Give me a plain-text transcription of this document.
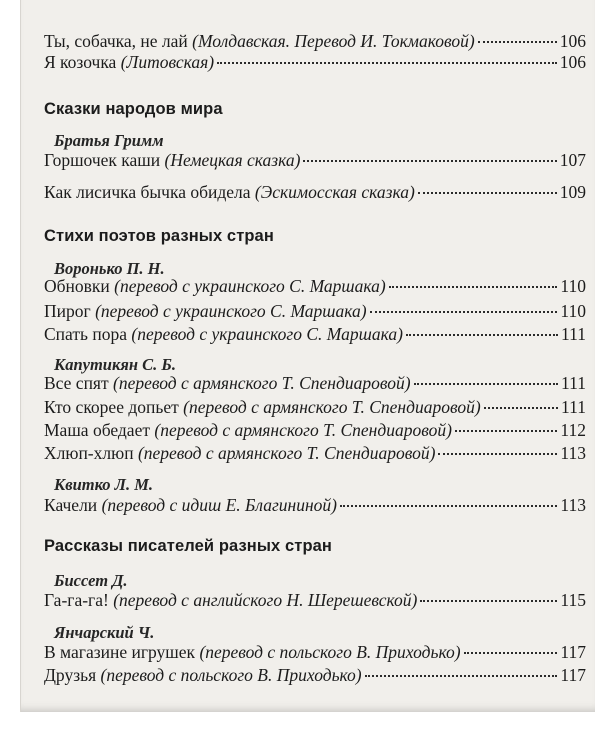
Ты, собачка, не лай (Молдавская. Перевод И. Токмаковой)	106
Я козочка (Литовская)	106
Сказки народов мира
Братья Гримм
Горшочек каши (Немецкая сказка)	107
Как лисичка бычка обидела (Эскимосская сказка)	109
Стихи поэтов разных стран
Воронько П. Н.
Обновки (перевод с украинского С. Маршака)	110
Пирог (перевод с украинского С. Маршака)	110
Спать пора (перевод с украинского С. Маршака)	111
Капутикян С. Б.
Все спят (перевод с армянского Т. Спендиаровой)	111
Кто скорее допьет (перевод с армянского Т. Спендиаровой)	111
Маша обедает (перевод с армянского Т. Спендиаровой)	112
Хлюп-хлюп (перевод с армянского Т. Спендиаровой)	113
Квитко Л. М.
Качели (перевод с идиш Е. Благининой)	113
Рассказы писателей разных стран
Биссет Д.
Га-га-га! (перевод с английского Н. Шерешевской)	115
Янчарский Ч.
В магазине игрушек (перевод с польского В. Приходько)	117
Друзья (перевод с польского В. Приходько)	117
